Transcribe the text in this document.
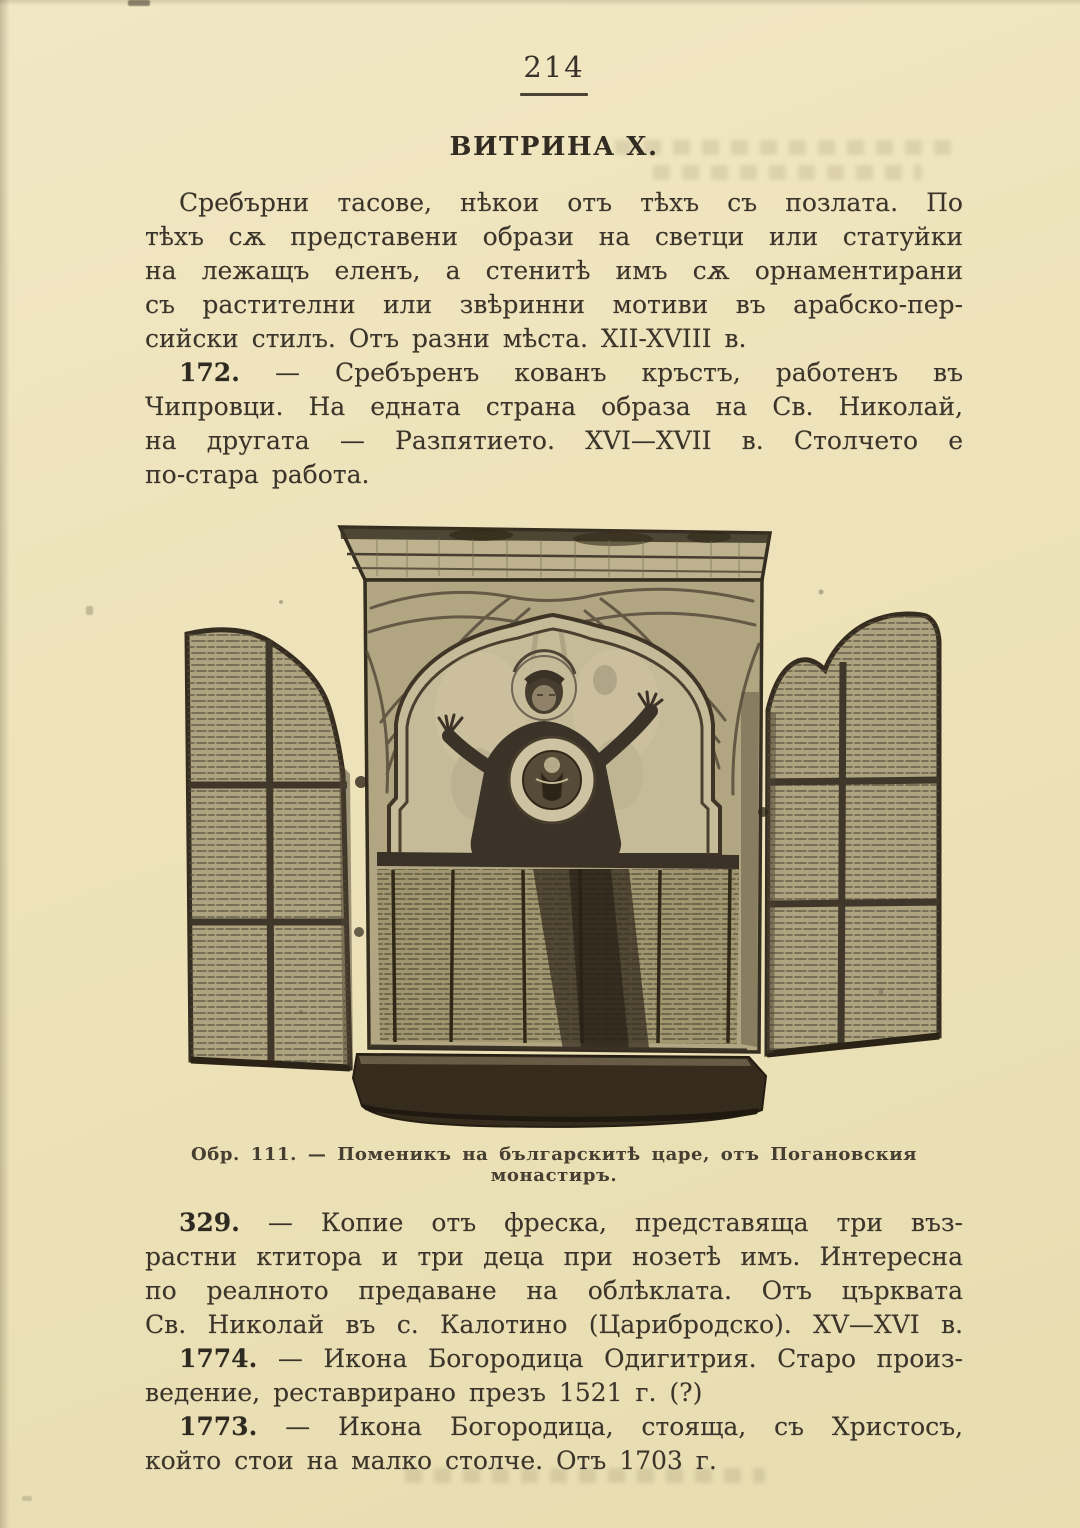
214
ВИТРИНА X.
Сребърни тасове, нѣкои отъ тѣхъ съ позлата. По
тѣхъ сѫ представени образи на светци или статуйки
на лежащъ еленъ, а стенитѣ имъ сѫ орнаментирани
съ растителни или звѣринни мотиви въ арабско-пер-
сийски стилъ. Отъ разни мѣста. XII-XVIII в.
172. — Сребъренъ кованъ кръстъ, работенъ въ
Чипровци. На едната страна образа на Св. Николай,
на другата — Разпятието. XVI—XVII в. Столчето е
по-стара работа.
Обр. 111. — Поменикъ на българскитѣ царе, отъ Погановския монастиръ.
329. — Копие отъ фреска, представяща три въз-
растни ктитора и три деца при нозетѣ имъ. Интересна
по реалното предаване на облѣклата. Отъ църквата
Св. Николай въ с. Калотино (Царибродско). XV—XVI в.
1774. — Икона Богородица Одигитрия. Старо произ-
ведение, реставрирано презъ 1521 г. (?)
1773. — Икона Богородица, стояща, съ Христосъ,
който стои на малко столче. Отъ 1703 г.
